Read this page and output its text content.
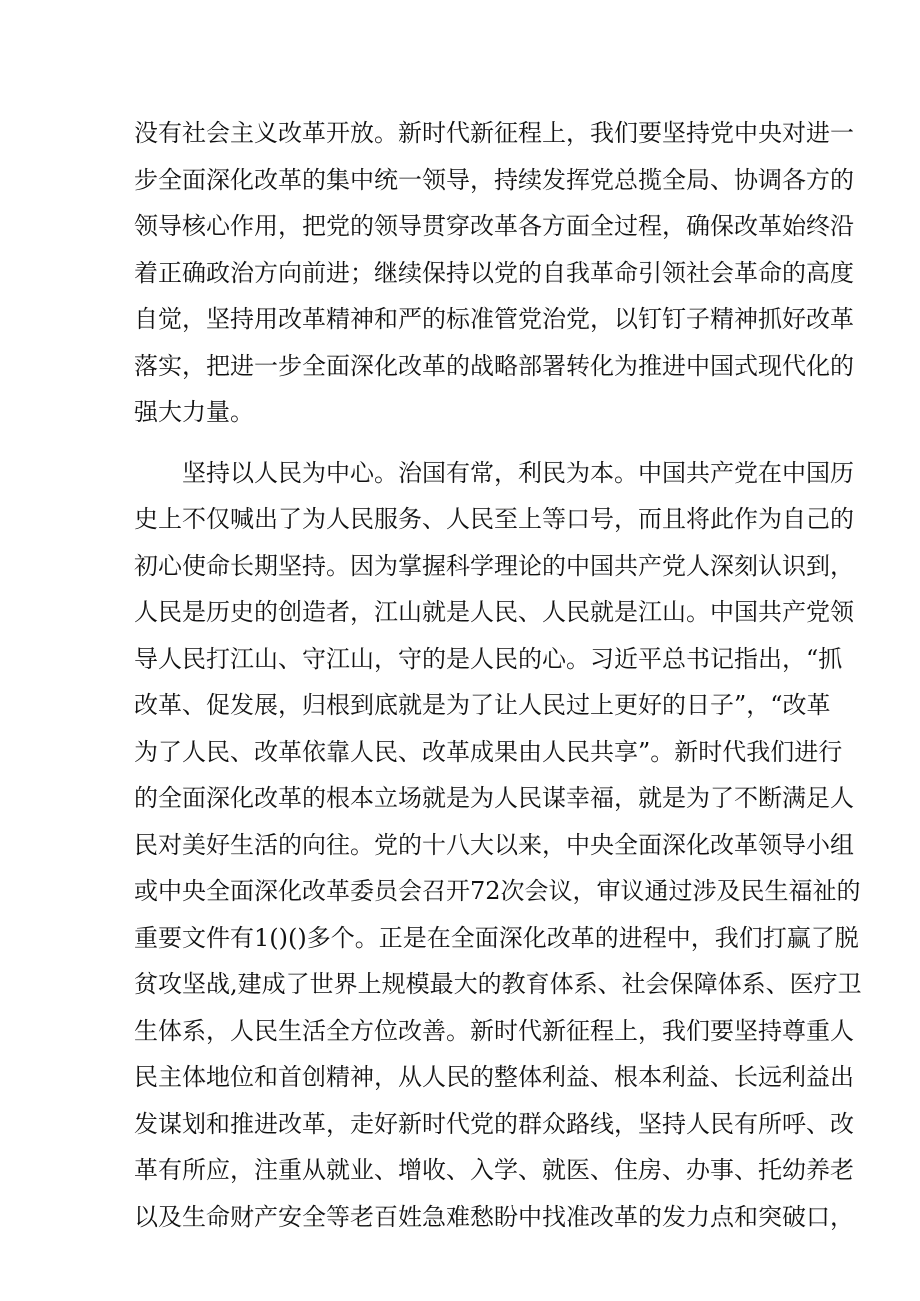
没有社会主义改革开放。新时代新征程上，我们要坚持党中央对进一
步全面深化改革的集中统一领导，持续发挥党总揽全局、协调各方的
领导核心作用，把党的领导贯穿改革各方面全过程，确保改革始终沿
着正确政治方向前进；继续保持以党的自我革命引领社会革命的高度
自觉，坚持用改革精神和严的标准管党治党，以钉钉子精神抓好改革
落实，把进一步全面深化改革的战略部署转化为推进中国式现代化的
强大力量。
坚持以人民为中心。治国有常，利民为本。中国共产党在中国历
史上不仅喊出了为人民服务、人民至上等口号，而且将此作为自己的
初心使命长期坚持。因为掌握科学理论的中国共产党人深刻认识到，
人民是历史的创造者，江山就是人民、人民就是江山。中国共产党领
导人民打江山、守江山，守的是人民的心。习近平总书记指出，“抓
改革、促发展，归根到底就是为了让人民过上更好的日子”，“改革
为了人民、改革依靠人民、改革成果由人民共享”。新时代我们进行
的全面深化改革的根本立场就是为人民谋幸福，就是为了不断满足人
民对美好生活的向往。党的十八大以来，中央全面深化改革领导小组
或中央全面深化改革委员会召开72次会议，审议通过涉及民生福祉的
重要文件有1()()多个。正是在全面深化改革的进程中，我们打赢了脱
贫攻坚战,建成了世界上规模最大的教育体系、社会保障体系、医疗卫
生体系，人民生活全方位改善。新时代新征程上，我们要坚持尊重人
民主体地位和首创精神，从人民的整体利益、根本利益、长远利益出
发谋划和推进改革，走好新时代党的群众路线，坚持人民有所呼、改
革有所应，注重从就业、增收、入学、就医、住房、办事、托幼养老
以及生命财产安全等老百姓急难愁盼中找准改革的发力点和突破口，
